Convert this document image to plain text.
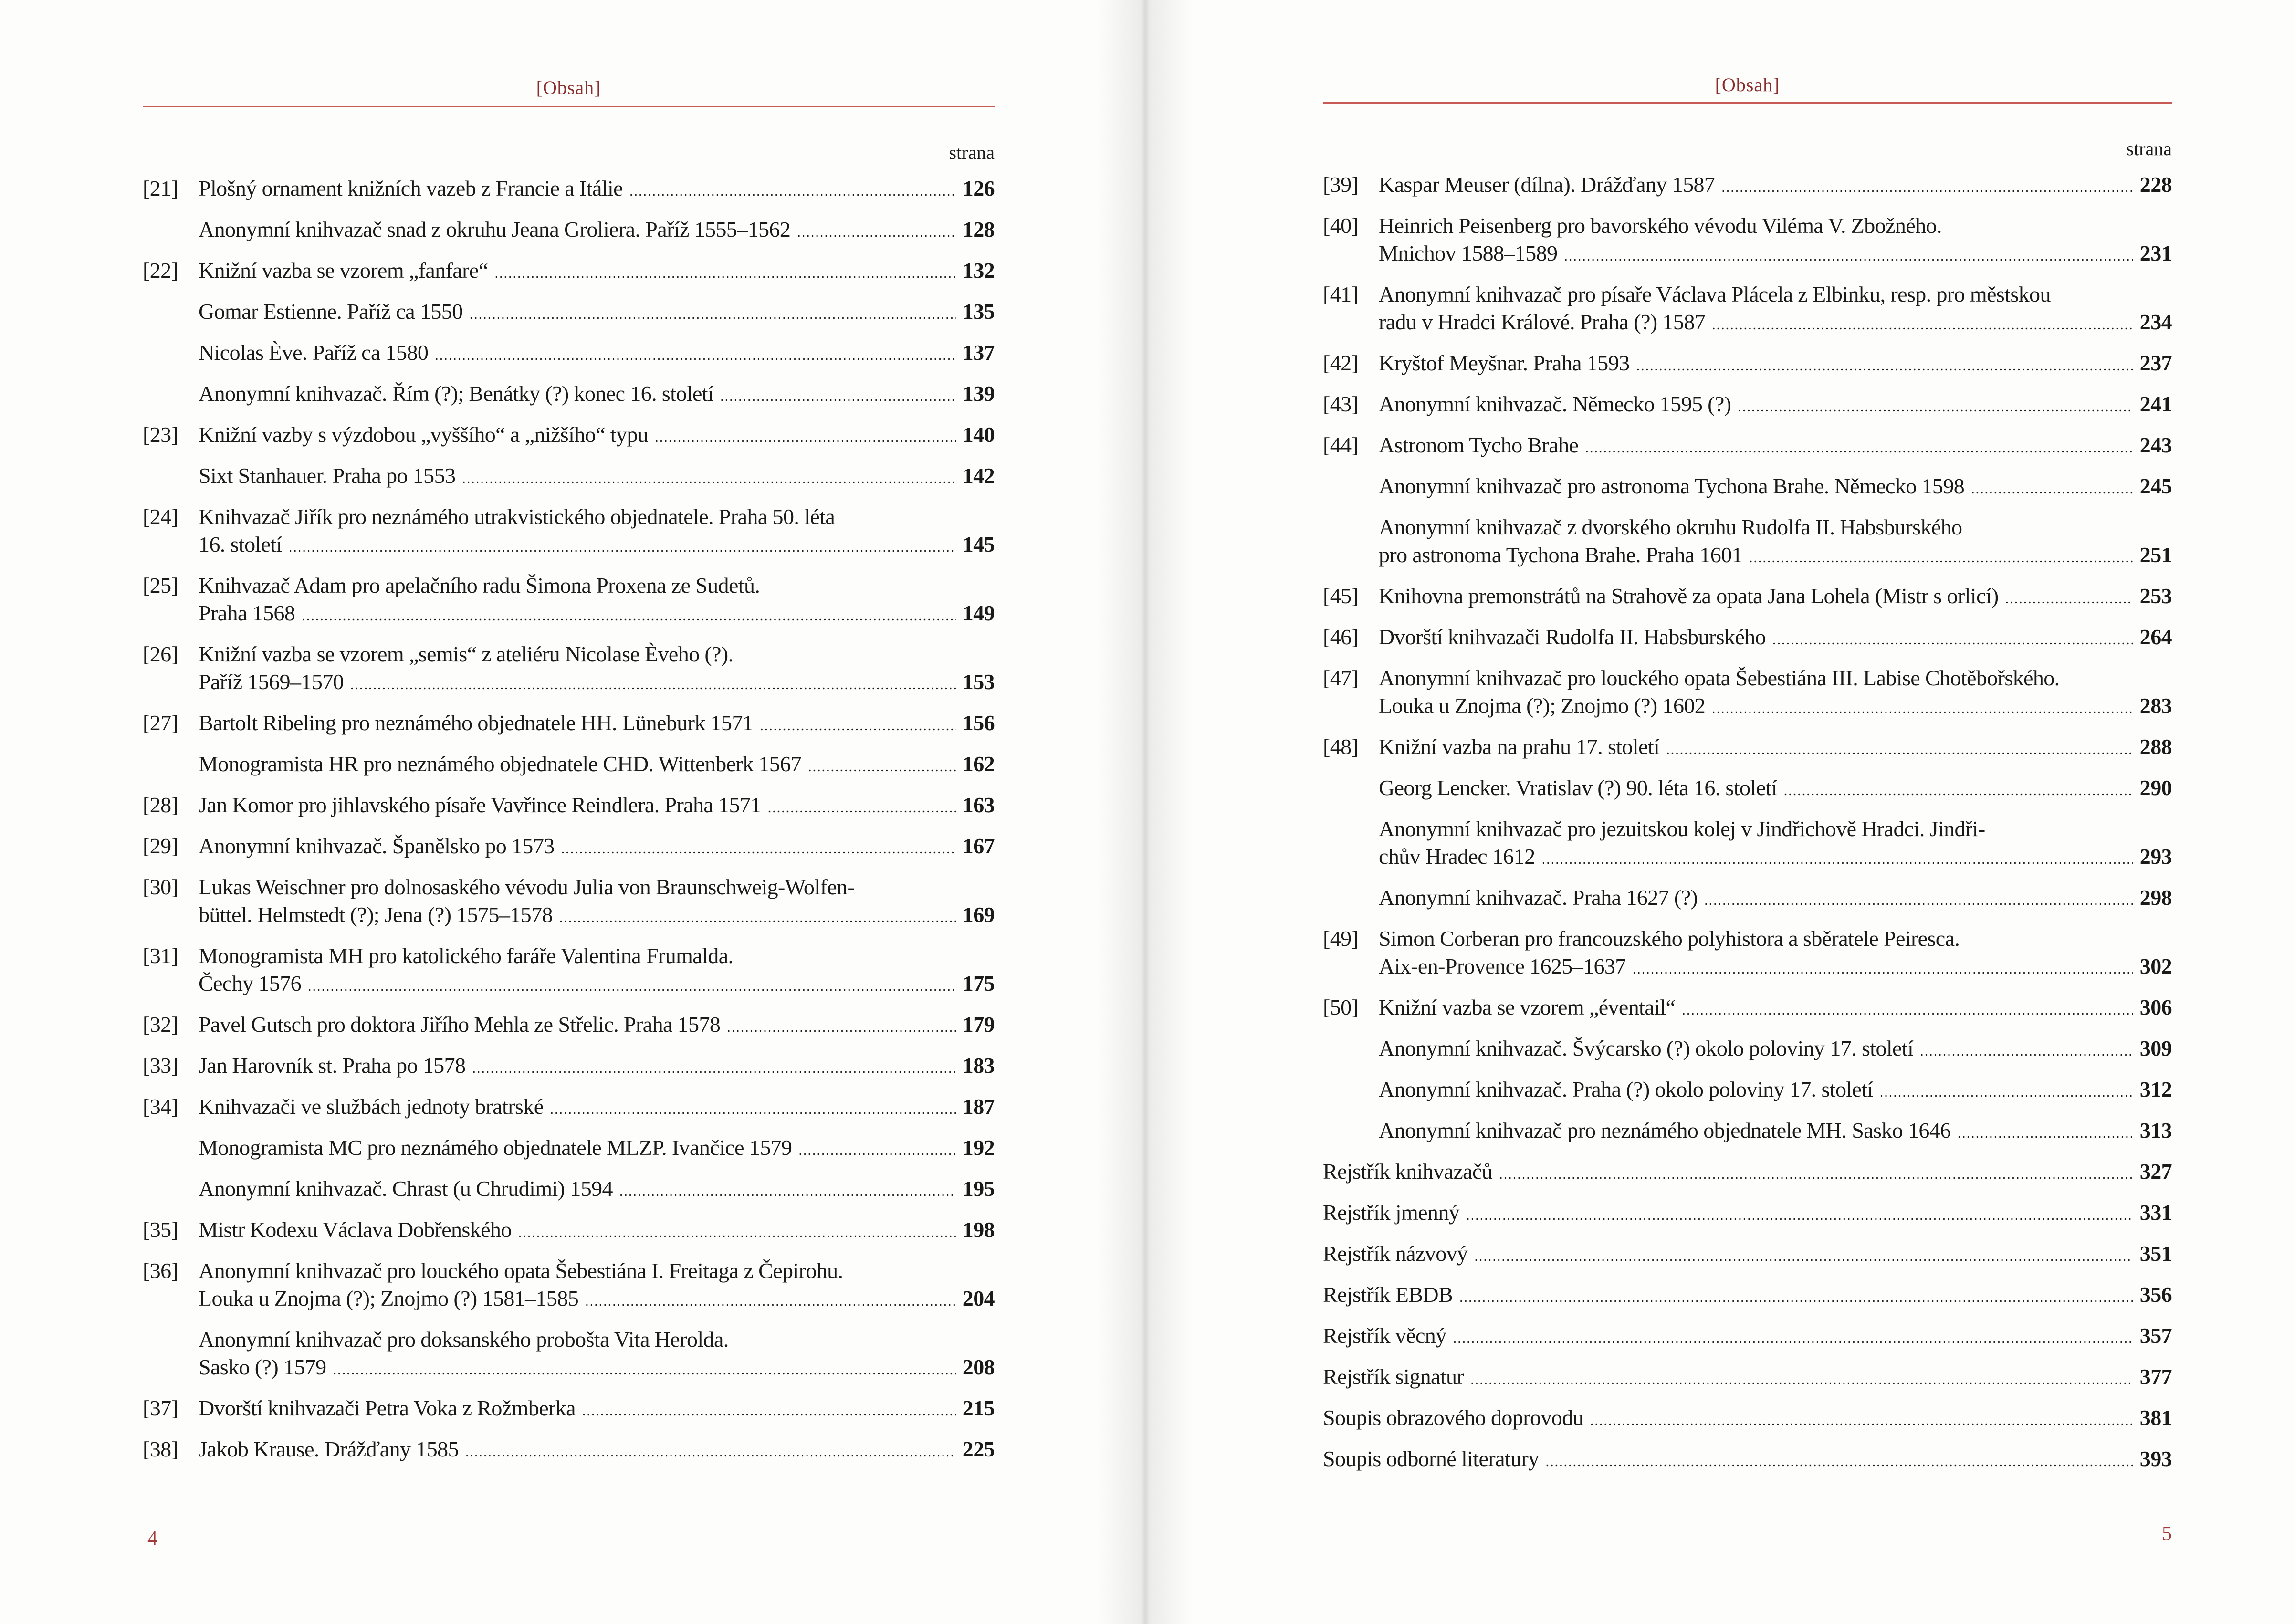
[Obsah]
strana
[21] Plošný ornament knižních vazeb z Francie a Itálie .....	126
Anonymní knihvazač snad z okruhu Jeana Groliera. Paříž 1555–1562 .....	128
[22] Knižní vazba se vzorem „fanfare“ .....	132
Gomar Estienne. Paříž ca 1550 .....	135
Nicolas Ève. Paříž ca 1580 .....	137
Anonymní knihvazač. Řím (?); Benátky (?) konec 16. století .....	139
[23] Knižní vazby s výzdobou „vyššího“ a „nižšího“ typu .....	140
Sixt Stanhauer. Praha po 1553 .....	142
[24] Knihvazač Jiřík pro neznámého utrakvistického objednatele. Praha 50. léta
16. století .....	145
[25] Knihvazač Adam pro apelačního radu Šimona Proxena ze Sudetů.
Praha 1568 .....	149
[26] Knižní vazba se vzorem „semis“ z ateliéru Nicolase Èveho (?).
Paříž 1569–1570 .....	153
[27] Bartolt Ribeling pro neznámého objednatele HH. Lüneburk 1571 .....	156
Monogramista HR pro neznámého objednatele CHD. Wittenberk 1567 .....	162
[28] Jan Komor pro jihlavského písaře Vavřince Reindlera. Praha 1571 .....	163
[29] Anonymní knihvazač. Španělsko po 1573 .....	167
[30] Lukas Weischner pro dolnosaského vévodu Julia von Braunschweig-Wolfen-
büttel. Helmstedt (?); Jena (?) 1575–1578 .....	169
[31] Monogramista MH pro katolického faráře Valentina Frumalda.
Čechy 1576 .....	175
[32] Pavel Gutsch pro doktora Jiřího Mehla ze Střelic. Praha 1578 .....	179
[33] Jan Harovník st. Praha po 1578 .....	183
[34] Knihvazači ve službách jednoty bratrské .....	187
Monogramista MC pro neznámého objednatele MLZP. Ivančice 1579 .....	192
Anonymní knihvazač. Chrast (u Chrudimi) 1594 .....	195
[35] Mistr Kodexu Václava Dobřenského .....	198
[36] Anonymní knihvazač pro louckého opata Šebestiána I. Freitaga z Čepirohu.
Louka u Znojma (?); Znojmo (?) 1581–1585 .....	204
Anonymní knihvazač pro doksanského probošta Vita Herolda.
Sasko (?) 1579 .....	208
[37] Dvorští knihvazači Petra Voka z Rožmberka .....	215
[38] Jakob Krause. Drážďany 1585 .....	225
4
[Obsah]
strana
[39] Kaspar Meuser (dílna). Drážďany 1587 .....	228
[40] Heinrich Peisenberg pro bavorského vévodu Viléma V. Zbožného.
Mnichov 1588–1589 .....	231
[41] Anonymní knihvazač pro písaře Václava Plácela z Elbinku, resp. pro městskou
radu v Hradci Králové. Praha (?) 1587 .....	234
[42] Kryštof Meyšnar. Praha 1593 .....	237
[43] Anonymní knihvazač. Německo 1595 (?) .....	241
[44] Astronom Tycho Brahe .....	243
Anonymní knihvazač pro astronoma Tychona Brahe. Německo 1598 .....	245
Anonymní knihvazač z dvorského okruhu Rudolfa II. Habsburského
pro astronoma Tychona Brahe. Praha 1601 .....	251
[45] Knihovna premonstrátů na Strahově za opata Jana Lohela (Mistr s orlicí) .....	253
[46] Dvorští knihvazači Rudolfa II. Habsburského .....	264
[47] Anonymní knihvazač pro louckého opata Šebestiána III. Labise Chotěbořského.
Louka u Znojma (?); Znojmo (?) 1602 .....	283
[48] Knižní vazba na prahu 17. století .....	288
Georg Lencker. Vratislav (?) 90. léta 16. století .....	290
Anonymní knihvazač pro jezuitskou kolej v Jindřichově Hradci. Jindři-
chův Hradec 1612 .....	293
Anonymní knihvazač. Praha 1627 (?) .....	298
[49] Simon Corberan pro francouzského polyhistora a sběratele Peiresca.
Aix-en-Provence 1625–1637 .....	302
[50] Knižní vazba se vzorem „éventail“ .....	306
Anonymní knihvazač. Švýcarsko (?) okolo poloviny 17. století .....	309
Anonymní knihvazač. Praha (?) okolo poloviny 17. století .....	312
Anonymní knihvazač pro neznámého objednatele MH. Sasko 1646 .....	313
Rejstřík knihvazačů .....	327
Rejstřík jmenný .....	331
Rejstřík názvový .....	351
Rejstřík EBDB .....	356
Rejstřík věcný .....	357
Rejstřík signatur .....	377
Soupis obrazového doprovodu .....	381
Soupis odborné literatury .....	393
5
